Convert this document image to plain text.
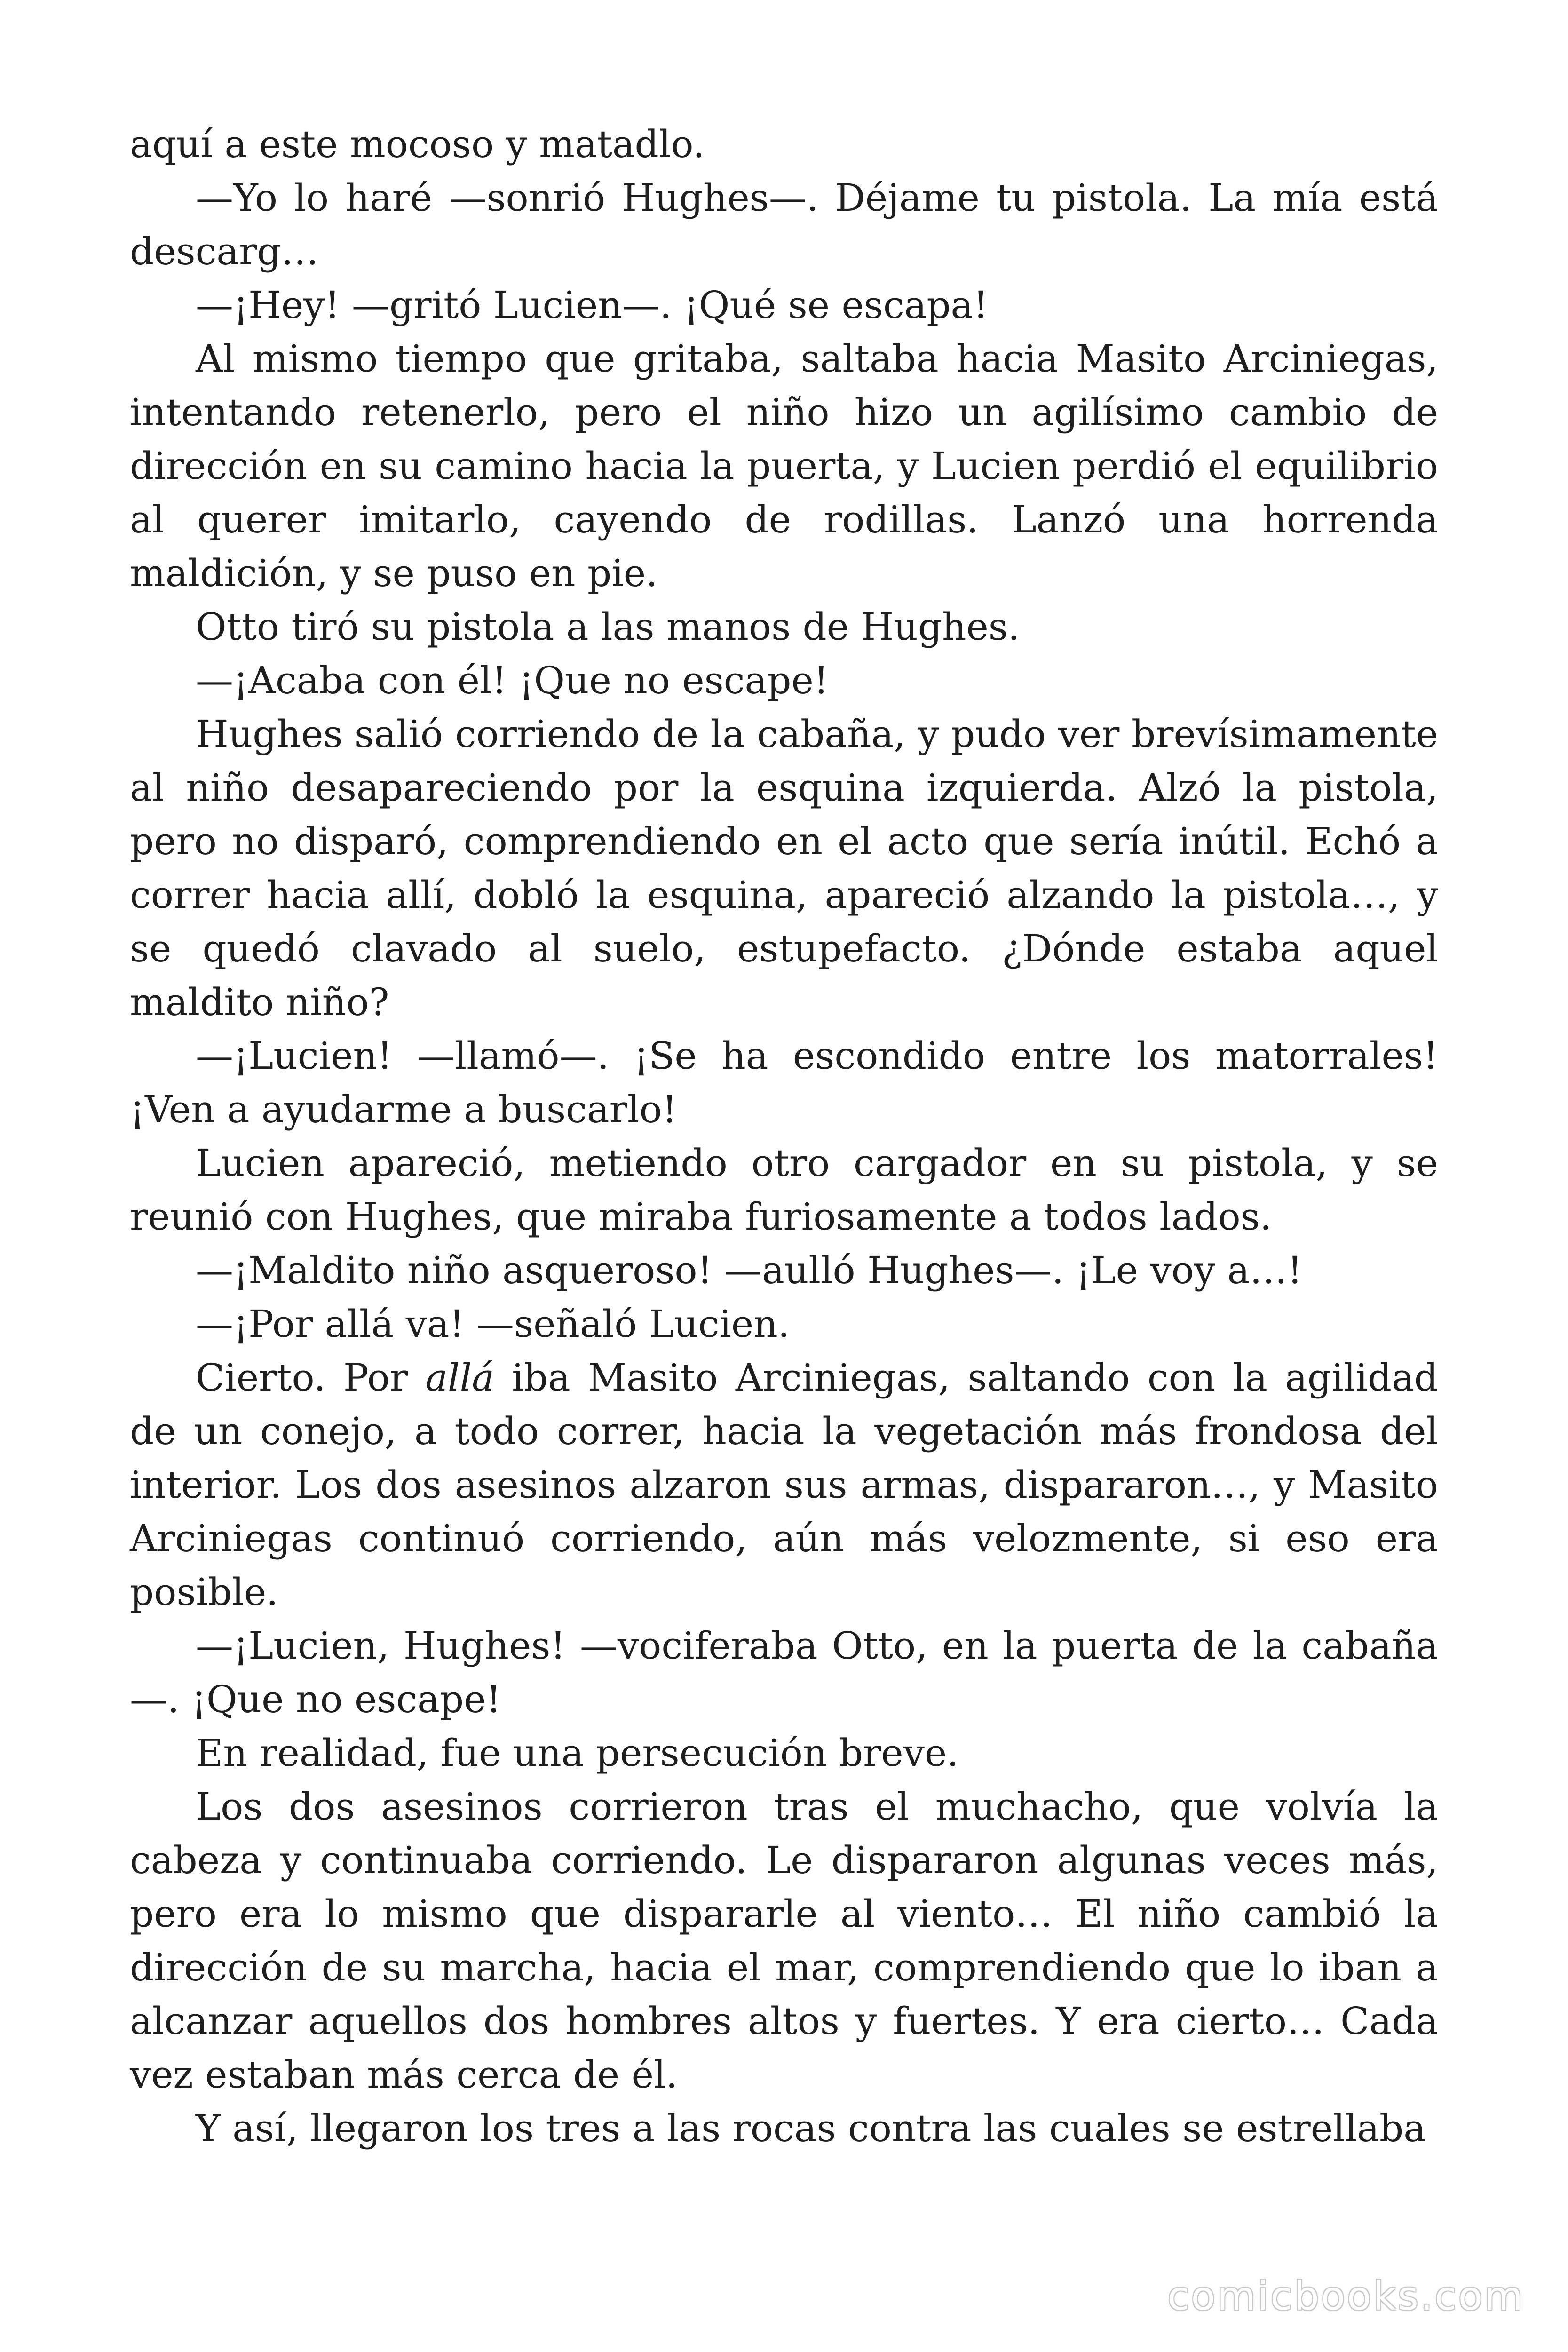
aquí a este mocoso y matadlo.

—Yo lo haré —sonrió Hughes—. Déjame tu pistola. La mía está descarg…

—¡Hey! —gritó Lucien—. ¡Qué se escapa!

Al mismo tiempo que gritaba, saltaba hacia Masito Arciniegas, intentando retenerlo, pero el niño hizo un agilísimo cambio de dirección en su camino hacia la puerta, y Lucien perdió el equilibrio al querer imitarlo, cayendo de rodillas. Lanzó una horrenda maldición, y se puso en pie.

Otto tiró su pistola a las manos de Hughes.

—¡Acaba con él! ¡Que no escape!

Hughes salió corriendo de la cabaña, y pudo ver brevísimamente al niño desapareciendo por la esquina izquierda. Alzó la pistola, pero no disparó, comprendiendo en el acto que sería inútil. Echó a correr hacia allí, dobló la esquina, apareció alzando la pistola…, y se quedó clavado al suelo, estupefacto. ¿Dónde estaba aquel maldito niño?

—¡Lucien! —llamó—. ¡Se ha escondido entre los matorrales! ¡Ven a ayudarme a buscarlo!

Lucien apareció, metiendo otro cargador en su pistola, y se reunió con Hughes, que miraba furiosamente a todos lados.

—¡Maldito niño asqueroso! —aulló Hughes—. ¡Le voy a…!

—¡Por allá va! —señaló Lucien.

Cierto. Por allá iba Masito Arciniegas, saltando con la agilidad de un conejo, a todo correr, hacia la vegetación más frondosa del interior. Los dos asesinos alzaron sus armas, dispararon…, y Masito Arciniegas continuó corriendo, aún más velozmente, si eso era posible.

—¡Lucien, Hughes! —vociferaba Otto, en la puerta de la cabaña —. ¡Que no escape!

En realidad, fue una persecución breve.

Los dos asesinos corrieron tras el muchacho, que volvía la cabeza y continuaba corriendo. Le dispararon algunas veces más, pero era lo mismo que dispararle al viento… El niño cambió la dirección de su marcha, hacia el mar, comprendiendo que lo iban a alcanzar aquellos dos hombres altos y fuertes. Y era cierto… Cada vez estaban más cerca de él.

Y así, llegaron los tres a las rocas contra las cuales se estrellaba

comicbooks.com
